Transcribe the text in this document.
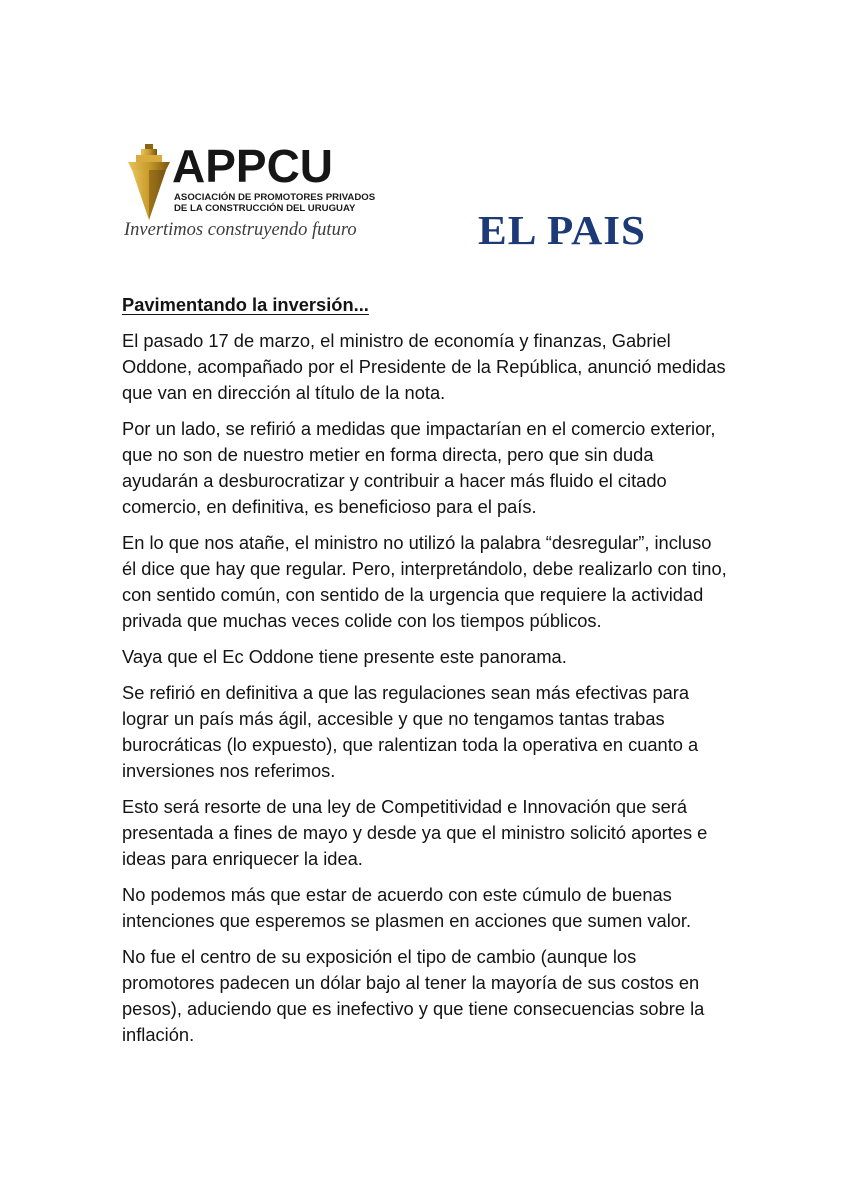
APPCU
ASOCIACIÓN DE PROMOTORES PRIVADOS
DE LA CONSTRUCCIÓN DEL URUGUAY
Invertimos construyendo futuro	EL PAIS
Pavimentando la inversión...

El pasado 17 de marzo, el ministro de economía y finanzas, Gabriel
Oddone, acompañado por el Presidente de la República, anunció medidas
que van en dirección al título de la nota.

Por un lado, se refirió a medidas que impactarían en el comercio exterior,
que no son de nuestro metier en forma directa, pero que sin duda
ayudarán a desburocratizar y contribuir a hacer más fluido el citado
comercio, en definitiva, es beneficioso para el país.

En lo que nos atañe, el ministro no utilizó la palabra “desregular”, incluso
él dice que hay que regular. Pero, interpretándolo, debe realizarlo con tino,
con sentido común, con sentido de la urgencia que requiere la actividad
privada que muchas veces colide con los tiempos públicos.

Vaya que el Ec Oddone tiene presente este panorama.

Se refirió en definitiva a que las regulaciones sean más efectivas para
lograr un país más ágil, accesible y que no tengamos tantas trabas
burocráticas (lo expuesto), que ralentizan toda la operativa en cuanto a
inversiones nos referimos.

Esto será resorte de una ley de Competitividad e Innovación que será
presentada a fines de mayo y desde ya que el ministro solicitó aportes e
ideas para enriquecer la idea.

No podemos más que estar de acuerdo con este cúmulo de buenas
intenciones que esperemos se plasmen en acciones que sumen valor.

No fue el centro de su exposición el tipo de cambio (aunque los
promotores padecen un dólar bajo al tener la mayoría de sus costos en
pesos), aduciendo que es inefectivo y que tiene consecuencias sobre la
inflación.
